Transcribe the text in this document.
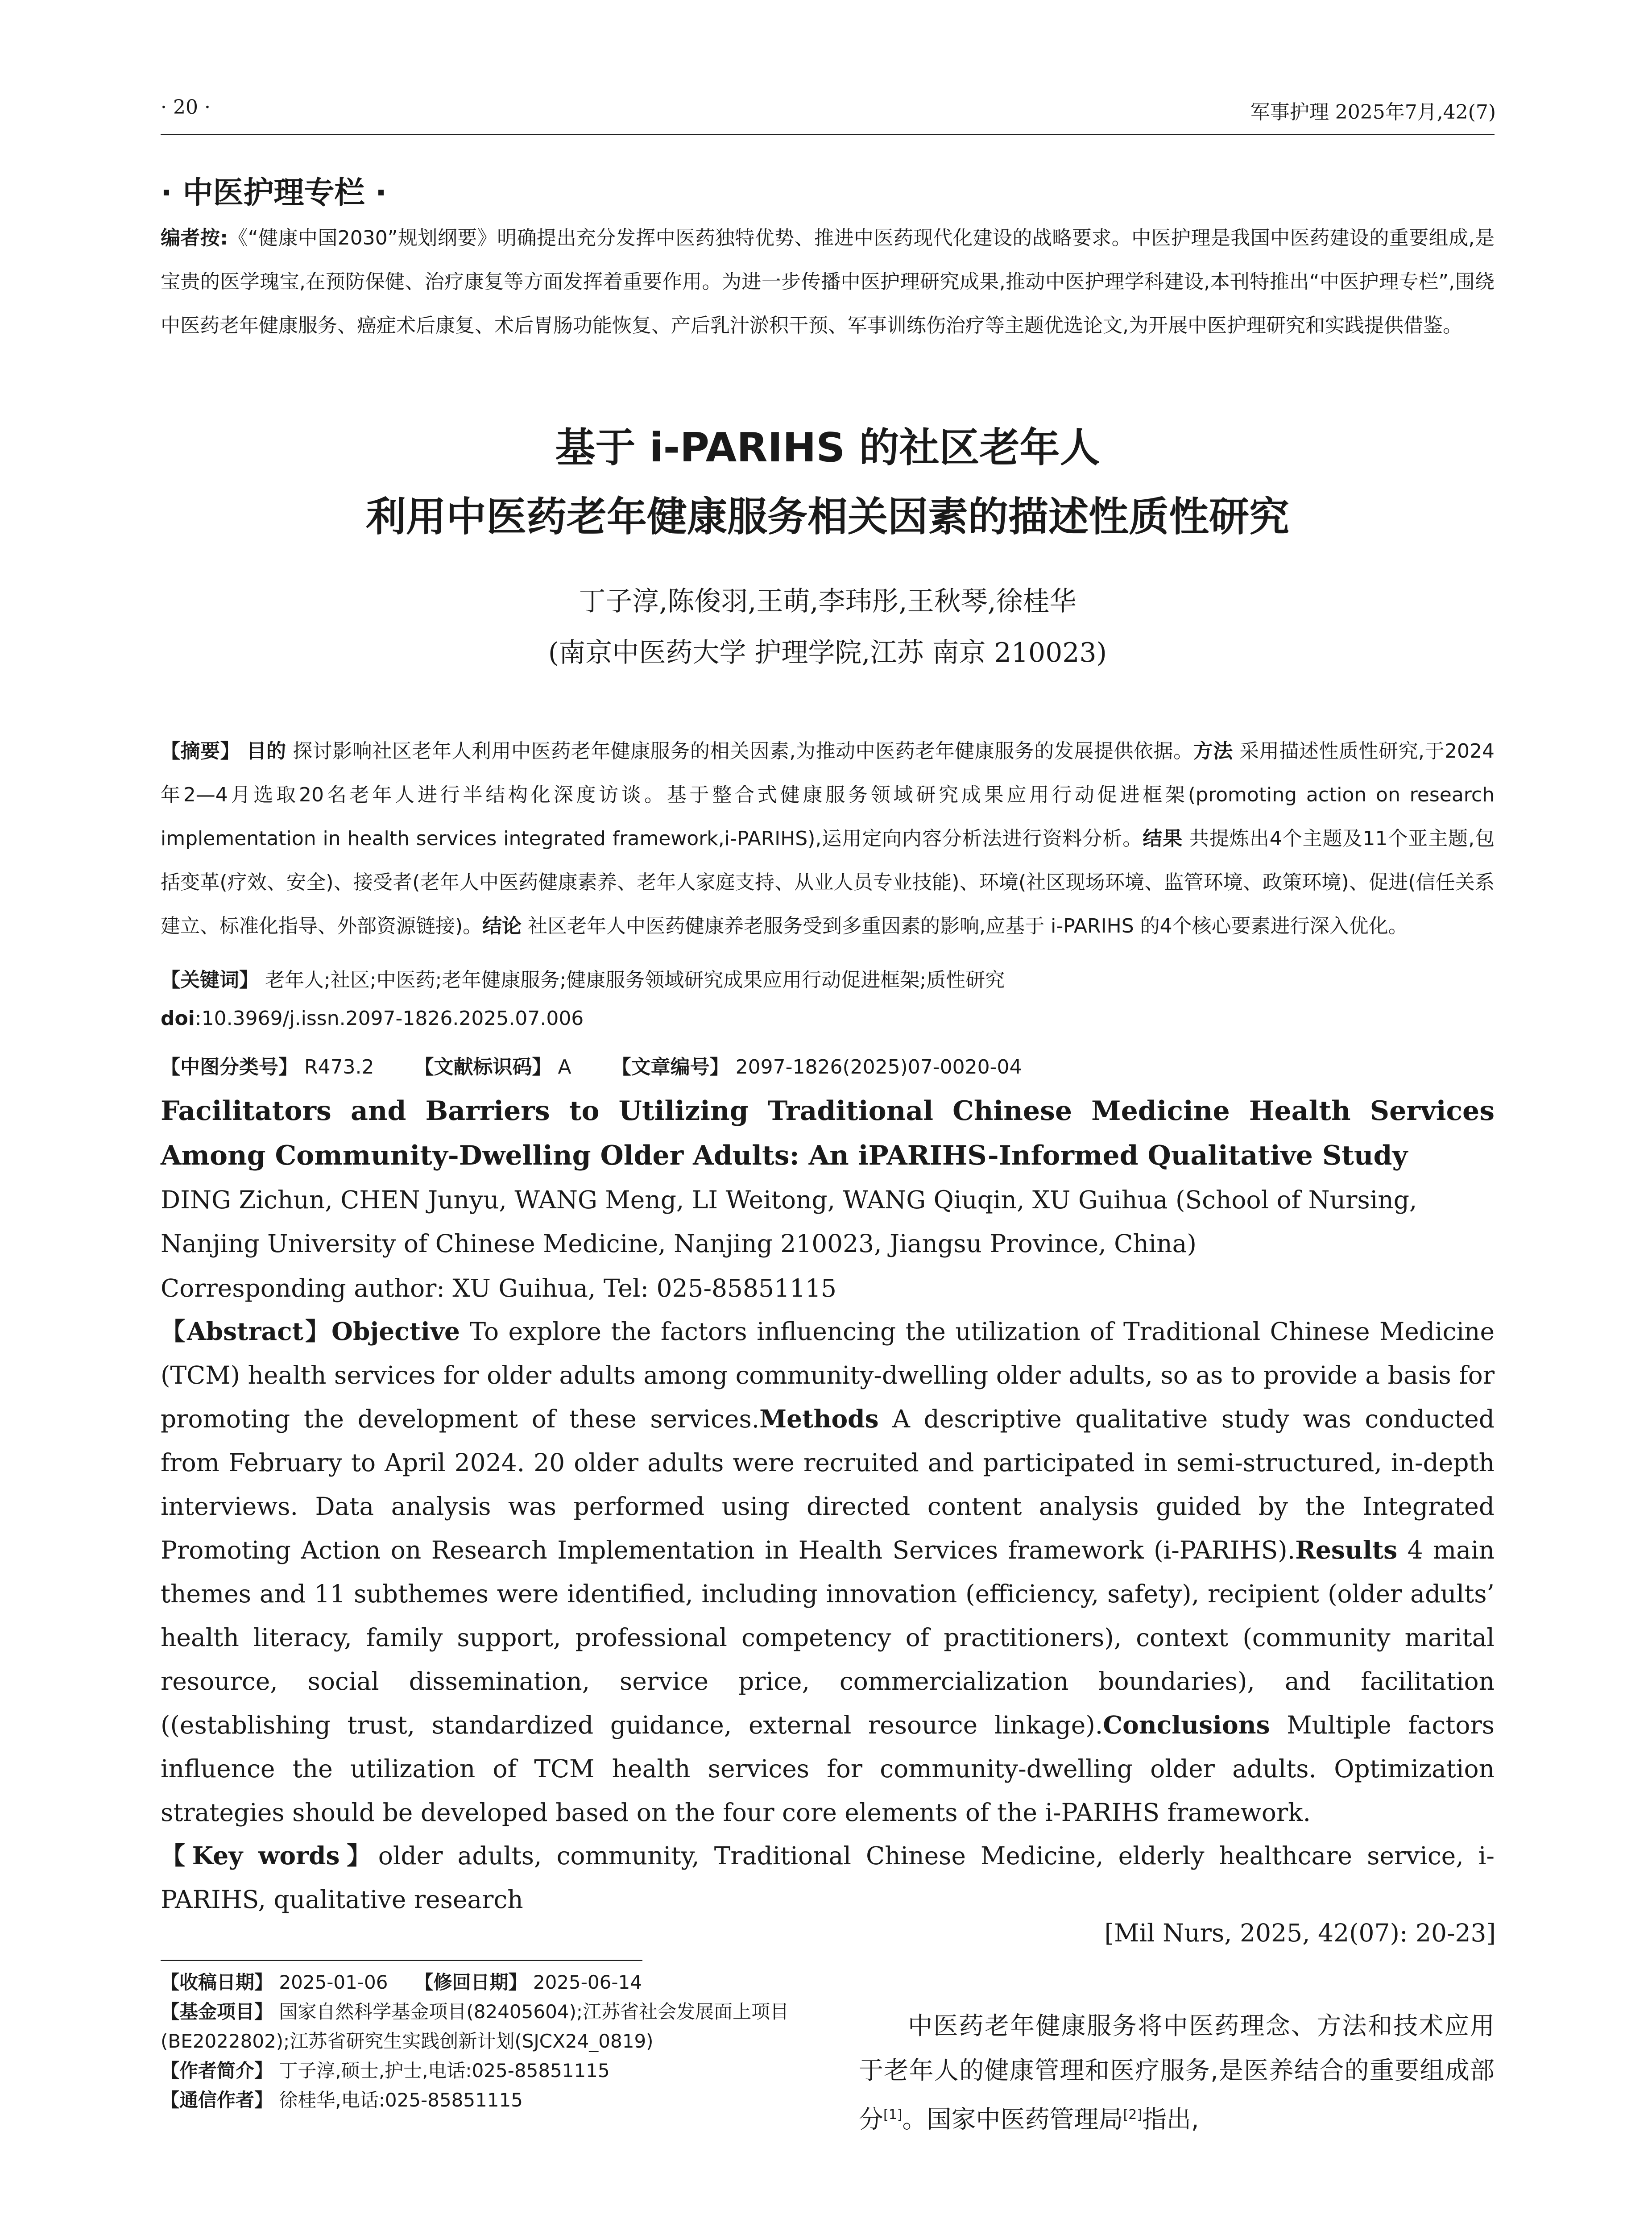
· 20 ·	军事护理 2025年7月,42(7)
· 中医护理专栏 ·
编者按:《“健康中国2030”规划纲要》明确提出充分发挥中医药独特优势、推进中医药现代化建设的战略要求。中医护理是我国中医药建设的重要组成,是宝贵的医学瑰宝,在预防保健、治疗康复等方面发挥着重要作用。为进一步传播中医护理研究成果,推动中医护理学科建设,本刊特推出“中医护理专栏”,围绕中医药老年健康服务、癌症术后康复、术后胃肠功能恢复、产后乳汁淤积干预、军事训练伤治疗等主题优选论文,为开展中医护理研究和实践提供借鉴。
基于 i-PARIHS 的社区老年人
利用中医药老年健康服务相关因素的描述性质性研究
丁子淳,陈俊羽,王萌,李玮彤,王秋琴,徐桂华
(南京中医药大学 护理学院,江苏 南京 210023)
【摘要】 目的 探讨影响社区老年人利用中医药老年健康服务的相关因素,为推动中医药老年健康服务的发展提供依据。方法 采用描述性质性研究,于2024年2—4月选取20名老年人进行半结构化深度访谈。基于整合式健康服务领域研究成果应用行动促进框架(promoting action on research implementation in health services integrated framework,i-PARIHS),运用定向内容分析法进行资料分析。结果 共提炼出4个主题及11个亚主题,包括变革(疗效、安全)、接受者(老年人中医药健康素养、老年人家庭支持、从业人员专业技能)、环境(社区现场环境、监管环境、政策环境)、促进(信任关系建立、标准化指导、外部资源链接)。结论 社区老年人中医药健康养老服务受到多重因素的影响,应基于 i-PARIHS 的4个核心要素进行深入优化。
【关键词】 老年人;社区;中医药;老年健康服务;健康服务领域研究成果应用行动促进框架;质性研究
doi:10.3969/j.issn.2097-1826.2025.07.006
【中图分类号】 R473.2 【文献标识码】 A 【文章编号】 2097-1826(2025)07-0020-04
Facilitators and Barriers to Utilizing Traditional Chinese Medicine Health Services Among Community-Dwelling Older Adults: An iPARIHS-Informed Qualitative Study
DING Zichun, CHEN Junyu, WANG Meng, LI Weitong, WANG Qiuqin, XU Guihua (School of Nursing, Nanjing University of Chinese Medicine, Nanjing 210023, Jiangsu Province, China)
Corresponding author: XU Guihua, Tel: 025-85851115
【Abstract】Objective To explore the factors influencing the utilization of Traditional Chinese Medicine (TCM) health services for older adults among community-dwelling older adults, so as to provide a basis for promoting the development of these services.Methods A descriptive qualitative study was conducted from February to April 2024. 20 older adults were recruited and participated in semi-structured, in-depth interviews. Data analysis was performed using directed content analysis guided by the Integrated Promoting Action on Research Implementation in Health Services framework (i-PARIHS).Results 4 main themes and 11 subthemes were identified, including innovation (efficiency, safety), recipient (older adults’ health literacy, family support, professional competency of practitioners), context (community marital resource, social dissemination, service price, commercialization boundaries), and facilitation ((establishing trust, standardized guidance, external resource linkage).Conclusions Multiple factors influence the utilization of TCM health services for community-dwelling older adults. Optimization strategies should be developed based on the four core elements of the i-PARIHS framework.
【Key words】older adults, community, Traditional Chinese Medicine, elderly healthcare service, i-PARIHS, qualitative research
[Mil Nurs, 2025, 42(07): 20-23]
【收稿日期】 2025-01-06 【修回日期】 2025-06-14
【基金项目】 国家自然科学基金项目(82405604);江苏省社会发展面上项目(BE2022802);江苏省研究生实践创新计划(SJCX24_0819)
【作者简介】 丁子淳,硕士,护士,电话:025-85851115
【通信作者】 徐桂华,电话:025-85851115
中医药老年健康服务将中医药理念、方法和技术应用于老年人的健康管理和医疗服务,是医养结合的重要组成部分[1]。国家中医药管理局[2]指出,
